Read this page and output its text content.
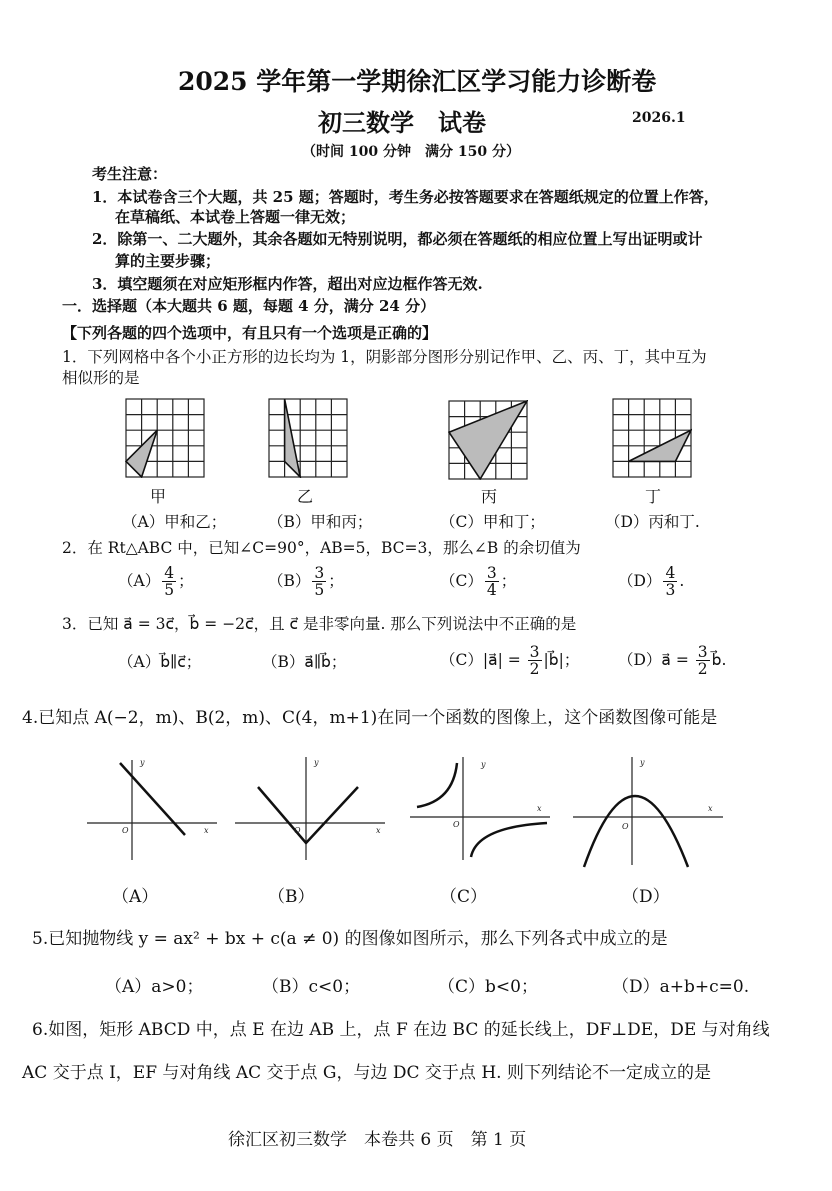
2025 学年第一学期徐汇区学习能力诊断卷
初三数学　试卷	2026.1
（时间 100 分钟　满分 150 分）
考生注意：
1．本试卷含三个大题，共 25 题；答题时，考生务必按答题要求在答题纸规定的位置上作答，
在草稿纸、本试卷上答题一律无效；
2．除第一、二大题外，其余各题如无特别说明，都必须在答题纸的相应位置上写出证明或计
算的主要步骤；
3．填空题须在对应矩形框内作答，超出对应边框作答无效.
一．选择题（本大题共 6 题，每题 4 分，满分 24 分）
【下列各题的四个选项中，有且只有一个选项是正确的】
1．下列网格中各个小正方形的边长均为 1，阴影部分图形分别记作甲、乙、丙、丁，其中互为
相似形的是
甲	乙	丙	丁
（A）甲和乙；	（B）甲和丙；	（C）甲和丁；	（D）丙和丁.
2．在 Rt△ABC 中，已知∠C=90°，AB=5，BC=3，那么∠B 的余切值为
$(A) \frac{4}{5}$ ；	$(B) \frac{3}{5}$ ；	$(C) \frac{3}{4}$ ；	$(D) \frac{4}{3}$ .
3．已知 a⃗ = 3c⃗，b⃗ = −2c⃗，且 c⃗ 是非零向量. 那么下列说法中不正确的是
（A）b⃗∥c⃗；	（B）a⃗∥b⃗；	（C）|a⃗| = $\frac{3}{2}$ |b⃗|； （D）a⃗ = $\frac{3}{2}$ b⃗.
4.已知点 A(−2，m)、B(2，m)、C(4，m+1)在同一个函数的图像上，这个函数图像可能是
y
x
O
y
x
O
y
x
O
y
x
O
（A）	（B）	（C）	（D）
5.已知抛物线 y = ax² + bx + c(a ≠ 0) 的图像如图所示，那么下列各式中成立的是
（A）a>0；	（B）c<0；	（C）b<0；	（D）a+b+c=0.
6.如图，矩形 ABCD 中，点 E 在边 AB 上，点 F 在边 BC 的延长线上，DF⊥DE，DE 与对角线
AC 交于点 I，EF 与对角线 AC 交于点 G，与边 DC 交于点 H. 则下列结论不一定成立的是
徐汇区初三数学　本卷共 6 页　第 1 页
